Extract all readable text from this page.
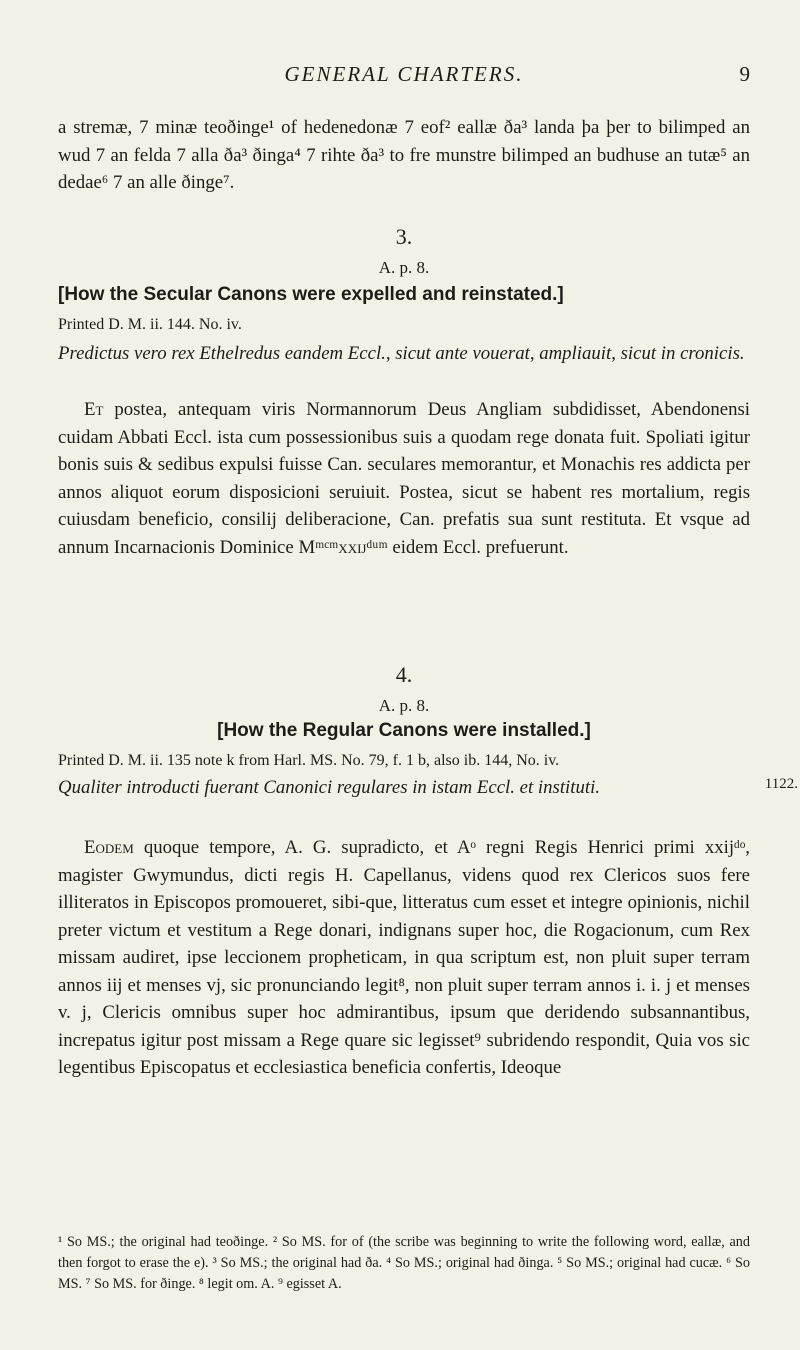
GENERAL CHARTERS.	9

a stremæ, 7 minæ teoðinge¹ of hedenedonæ 7 eof² eallæ ða³ landa þa þer to bilimped an wud 7 an felda 7 alla ða³ ðinga⁴ 7 rihte ða³ to fre munstre bilimped an budhuse an tutæ⁵ an dedae⁶ 7 an alle ðinge⁷.

3.
A. p. 8.
[How the Secular Canons were expelled and reinstated.]
Printed D. M. ii. 144. No. iv.

Predictus vero rex Ethelredus eandem Eccl., sicut ante vouerat, ampliauit, sicut in cronicis.

Et postea, antequam viris Normannorum Deus Angliam subdidisset, Abendonensi cuidam Abbati Eccl. ista cum possessionibus suis a quodam rege donata fuit. Spoliati igitur bonis suis & sedibus expulsi fuisse Can. seculares memorantur, et Monachis res addicta per annos aliquot eorum disposicioni seruiuit. Postea, sicut se habent res mortalium, regis cuiusdam beneficio, consilij deliberacione, Can. prefatis sua sunt restituta. Et vsque ad annum Incarnacionis Dominice Mᵐᶜᵐxxijᵈᵘᵐ eidem Eccl. prefuerunt.

4.
A. p. 8.
[How the Regular Canons were installed.]
Printed D. M. ii. 135 note k from Harl. MS. No. 79, f. 1 b, also ib. 144, No. iv.

Qualiter introducti fuerant Canonici regulares in istam Eccl. et instituti.	1122.

Eodem quoque tempore, A. G. supradicto, et Aᵒ regni Regis Henrici primi xxijᵈᵒ, magister Gwymundus, dicti regis H. Capellanus, videns quod rex Clericos suos fere illiteratos in Episcopos promoueret, sibi-que, litteratus cum esset et integre opinionis, nichil preter victum et vestitum a Rege donari, indignans super hoc, die Rogacionum, cum Rex missam audiret, ipse leccionem propheticam, in qua scriptum est, non pluit super terram annos iij et menses vj, sic pronunciando legit⁸, non pluit super terram annos i. i. j et menses v. j, Clericis omnibus super hoc admirantibus, ipsum que deridendo subsannantibus, increpatus igitur post missam a Rege quare sic legisset⁹ subridendo respondit, Quia vos sic legentibus Episcopatus et ecclesiastica beneficia confertis, Ideoque

¹ So MS.; the original had teoðinge. ² So MS. for of (the scribe was beginning to write the following word, eallæ, and then forgot to erase the e). ³ So MS.; the original had ða. ⁴ So MS.; original had ðinga. ⁵ So MS.; original had cucæ. ⁶ So MS. ⁷ So MS. for ðinge. ⁸ legit om. A. ⁹ egisset A.
